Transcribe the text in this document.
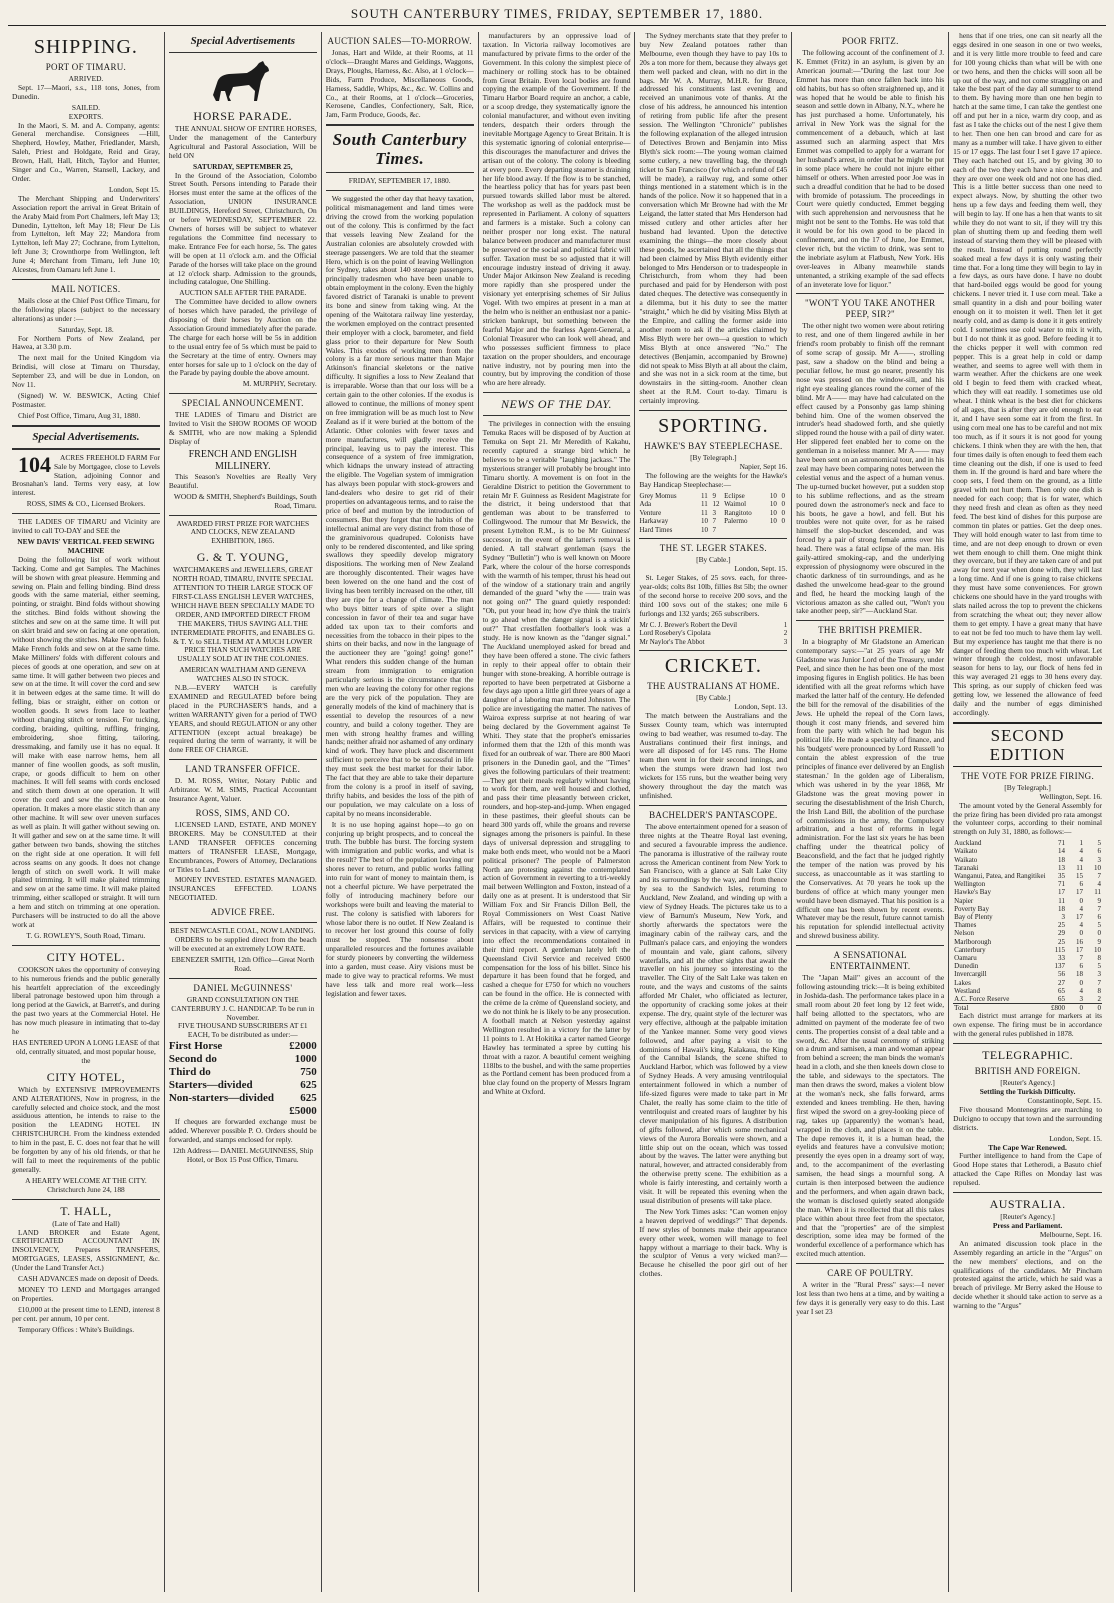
SOUTH CANTERBURY TIMES, FRIDAY, SEPTEMBER 17, 1880.
SHIPPING.
PORT OF TIMARU.
ARRIVED.

Sept. 17—Maori, s.s., 118 tons, Jones, from Dunedin.

SAILED.
EXPORTS.

In the Maori, S. M. and A. Company, agents: General merchandise. Consignees —Hill, Shepherd, Howley, Mather, Friedlander, Marsh, Saleh, Priest and Holdgate, Reid and Gray, Brown, Hall, Hall, Hitch, Taylor and Hunter, Singer and Co., Warren, Stansell, Lackey, and Order.

London, Sept 15.

The Merchant Shipping and Underwriters' Association report the arrival in Great Britain of the Araby Maid from Port Chalmers, left May 13; Dunedin, Lyttelton, left May 18; Fleur De Lis from Lyttelton, left May 22; Mandora from Lyttelton, left May 27; Cochrane, from Lyttelton, left June 3; Crownthorpe from Wellington, left June 4; Merchant from Timaru, left June 10; Alcestes, from Oamaru left June 1.

MAIL NOTICES.

Mails close at the Chief Post Office Timaru, for the following places (subject to the necessary alterations) as under :—

Saturday, Sept. 18.

For Northern Ports of New Zealand, per Hawea, at 3.30 p.m.

The next mail for the United Kingdom via Brindisi, will close at Timaru on Thursday, September 23, and will be due in London, on Nov 11.

(Signed) W. W. BESWICK, Acting Chief Postmaster.

Chief Post Office, Timaru, Aug 31, 1880.

Special Advertisements.

104 ACRES FREEHOLD FARM For Sale by Mortgagee, close to Levels Station, adjoining Connor and Brosnahan's land. Terms very easy, at low interest.

ROSS, SIMS & CO., Licensed Brokers.

THE LADIES OF TIMARU and Vicinity are invited to call TO-DAY and SEE the

NEW DAVIS' VERTICAL FEED SEWING MACHINE

Doing the following list of work without Tacking. Come and get Samples. The Machines will be shown with great pleasure. Hemming and sewing on. Plain and felling binding. Bind dress goods with the same material, either seeming, pointing, or straight. Bind folds without showing the stitches. Bind folds without showing the stitches and sew on at the same time. It will put on skirt braid and sew on facing at one operation, without showing the stitches. Make French folds. Make French folds and sew on at the same time. Make Milliners' folds with different colours and pieces of goods at one operation, and sew on at same time. It will gather between two pieces and sew on at the time. It will cover the cord and sew it in between edges at the same time. It will do felling, bias or straight, either on cotton or woollen goods. It sews from lace to leather without changing stitch or tension. For tucking, cording, braiding, quilting, ruffling, fringing, embroidering, shoe fitting, tailoring, dressmaking, and family use it has no equal. It will make with ease narrow hems, hem all manner of fine woollen goods, as soft muslin, crape, or goods difficult to hem on other machines. It will fell seams with cords enclosed and stitch them down at one operation. It will cover the cord and sew the sleeve in at one operation. It makes a more elastic stitch than any other machine. It will sew over uneven surfaces as well as plain. It will gather without sewing on. It will gather and sew on at the same time. It will gather between two bands, showing the stitches on the right side at one operation. It will fell across seams on any goods. It does not change length of stitch on swell work. It will make plaited trimming. It will make plaited trimming and sew on at the same time. It will make plaited trimming, either scalloped or straight. It will turn a hem and stitch on trimming at one operation. Purchasers will be instructed to do all the above work at

T. G. ROWLEY'S, South Road, Timaru.
CITY HOTEL.

COOKSON takes the opportunity of conveying to his numerous friends and the public generally his heartfelt appreciation of the exceedingly liberal patronage bestowed upon him through a long period at the Gawick, at Barrett's, and during the past two years at the Commercial Hotel. He has now much pleasure in intimating that to-day he

HAS ENTERED UPON A LONG LEASE of that old, centrally situated, and most popular house, the
CITY HOTEL,

Which by EXTENSIVE IMPROVEMENTS AND ALTERATIONS, Now in progress, in the carefully selected and choice stock, and the most assiduous attention, he intends to raise to the position the LEADING HOTEL IN CHRISTCHURCH. From the kindness extended to him in the past, E. C. does not fear that he will be forgotten by any of his old friends, or that he will fail to meet the requirements of the public generally.

A HEARTY WELCOME AT THE CITY.
Christchurch June 24, 188
T. HALL,
(Late of Tate and Hall)

LAND BROKER and Estate Agent, CERTIFICATED ACCOUNTANT IN INSOLVENCY, Prepares TRANSFERS, MORTGAGES, LEASES, ASSIGNMENT, &c. (Under the Land Transfer Act.)

CASH ADVANCES made on deposit of Deeds.

MONEY TO LEND and Mortgages arranged on Properties.

£10,000 at the present time to LEND, interest 8 per cent. per annum, 10 per cent.

Temporary Offices : White's Buildings.

Special Advertisements
HORSE PARADE.

THE ANNUAL SHOW OF ENTIRE HORSES, Under the management of the Canterbury Agricultural and Pastoral Association, Will be held ON

SATURDAY, SEPTEMBER 25,

In the Ground of the Association, Colombo Street South. Persons intending to Parade their Horses must enter the same at the offices of the Association, UNION INSURANCE BUILDINGS, Hereford Street, Christchurch, On or before WEDNESDAY, SEPTEMBER 22. Owners of horses will be subject to whatever regulations the Committee find necessary to make. Entrance Fee for each horse, 5s. The gates will be open at 11 o'clock a.m. and the Official Parade of the horses will take place on the ground at 12 o'clock sharp. Admission to the grounds, including catalogue, One Shilling.

AUCTION SALE AFTER THE PARADE.

The Committee have decided to allow owners of horses which have paraded, the privilege of disposing of their horses by Auction on the Association Ground immediately after the parade. The charge for each horse will be 5s in addition to the usual entry fee of 5s which must be paid to the Secretary at the time of entry. Owners may enter horses for sale up to 1 o'clock on the day of the Parade by paying double the above amount.

M. MURPHY, Secretary.
SPECIAL ANNOUNCEMENT.

THE LADIES of Timaru and District are Invited to Visit the SHOW ROOMS OF WOOD & SMITH, who are now making a Splendid Display of

FRENCH AND ENGLISH MILLINERY.

This Season's Novelties are Really Very Beautiful.

WOOD & SMITH, Shepherd's Buildings, South Road, Timaru.
AWARDED FIRST PRIZE FOR WATCHES AND CLOCKS, NEW ZEALAND EXHIBITION, 1865.
G. & T. YOUNG,

WATCHMAKERS and JEWELLERS, GREAT NORTH ROAD, TIMARU, INVITE SPECIAL ATTENTION TO THEIR LARGE STOCK OF FIRST-CLASS ENGLISH LEVER WATCHES, WHICH HAVE BEEN SPECIALLY MADE TO ORDER, AND IMPORTED DIRECT FROM THE MAKERS, THUS SAVING ALL THE INTERMEDIATE PROFITS, and ENABLES G. & T. Y. to SELL THEM AT A MUCH LOWER PRICE THAN SUCH WATCHES ARE USUALLY SOLD AT IN THE COLONIES.

AMERICAN WALTHAM AND GENEVA WATCHES ALSO IN STOCK.

N.B.—EVERY WATCH is carefully EXAMINED and REGULATED before being placed in the PURCHASER'S hands, and a written WARRANTY given for a period of TWO YEARS, and should REGULATION or any other ATTENTION (except actual breakage) be required during the term of warranty, it will be done FREE OF CHARGE.

LAND TRANSFER OFFICE.

D. M. ROSS, Writer, Notary Public and Arbitrator. W. M. SIMS, Practical Accountant Insurance Agent, Valuer.

ROSS, SIMS, AND CO.

LICENSED LAND, ESTATE, AND MONEY BROKERS. May be CONSULTED at their LAND TRANSFER OFFICES concerning matters of TRANSFER LEASE, Mortgage, Encumbrances, Powers of Attorney, Declarations or Titles to Land.

MONEY INVESTED. ESTATES MANAGED. INSURANCES EFFECTED. LOANS NEGOTIATED.

ADVICE FREE.
BEST NEWCASTLE COAL, NOW LANDING.

ORDERS to be supplied direct from the beach will be executed at an extremely LOW RATE.

EBENEZER SMITH, 12th Office—Great North Road.
DANIEL McGUINNESS'
GRAND CONSULTATION ON THE CANTERBURY J. C. HANDICAP. To be run in November.
FIVE THOUSAND SUBSCRIBERS AT £1 EACH, To be distributed as under:—
First Horse	£2000
Second do	1000
Third do	750
Starters—divided	625
Non-starters—divided 625
£5000

If cheques are forwarded exchange must be added. Wherever possible P. O. Orders should be forwarded, and stamps enclosed for reply.

12th Address— DANIEL McGUINNESS, Ship Hotel, or Box 15 Post Office, Timaru.
AUCTION SALES—TO-MORROW.

Jonas, Hart and Wilde, at their Rooms, at 11 o'clock—Draught Mares and Geldings, Waggons, Drays, Ploughs, Harness, &c. Also, at 1 o'clock—Bids, Farm Produce, Miscellaneous Goods, Harness, Saddle, Whips, &c., &c. W. Collins and Co., at their Rooms, at 1 o'clock—Groceries, Kerosene, Candles, Confectionery, Salt, Rice, Jam, Farm Produce, Goods, &c.

South Canterbury Times.
FRIDAY, SEPTEMBER 17, 1880.

We suggested the other day that heavy taxation, political mismanagement and land times were driving the crowd from the working population out of the colony. This is confirmed by the fact that vessels leaving New Zealand for the Australian colonies are absolutely crowded with steerage passengers. We are told that the steamer Hero, which is on the point of leaving Wellington for Sydney, takes about 140 steerage passengers, principally tradesmen who have been unable to obtain employment in the colony. Even the highly favored district of Taranaki is unable to prevent its bone and sinew from taking wing. At the opening of the Waitotara railway line yesterday, the workmen employed on the contract presented their employer with a clock, barometer, and field glass prior to their departure for New South Wales. This exodus of working men from the colony is a far more serious matter than Major Atkinson's financial skeletons or the native difficulty. It signifies a loss to New Zealand that is irreparable. Worse than that our loss will be a certain gain to the other colonies. If the exodus is allowed to continue, the millions of money spent on free immigration will be as much lost to New Zealand as if it were buried at the bottom of the Atlantic. Other colonies with fewer taxes and more manufactures, will gladly receive the principal, leaving us to pay the interest. This consequence of a system of free immigration, which kidnaps the unwary instead of attracting the eligible. The Vogelian system of immigration has always been popular with stock-growers and land-dealers who desire to get rid of their properties on advantageous terms, and to raise the price of beef and mutton by the introduction of consumers. But they forget that the habits of the intellectual animal are very distinct from those of the graminivorous quadruped. Colonists have only to be rendered discontented, and like spring swallows they speedily develop migratory dispositions. The working men of New Zealand are thoroughly discontented. Their wages have been lowered on the one hand and the cost of living has been terribly increased on the other, till they are ripe for a change of climate. The man who buys bitter tears of spite over a slight concession in favor of their tea and sugar have added tax upon tax to their comforts and necessities from the tobacco in their pipes to the shirts on their backs, and now in the language of the auctioneer they are "going! going! gone!" What renders this sudden change of the human stream from immigration to emigration particularly serious is the circumstance that the men who are leaving the colony for other regions are the very pick of the population. They are generally models of the kind of machinery that is essential to develop the resources of a new country, and build a colony together. They are men with strong healthy frames and willing hands; neither afraid nor ashamed of any ordinary kind of work. They have pluck and discernment sufficient to perceive that to be successful in life they must seek the best market for their labor. The fact that they are able to take their departure from the colony is a proof in itself of saving, thrifty habits, and besides the loss of the pith of our population, we may calculate on a loss of capital by no means inconsiderable.

It is no use hoping against hope—to go on conjuring up bright prospects, and to conceal the truth. The bubble has burst. The forcing system with immigration and public works, and what is the result? The best of the population leaving our shores never to return, and public works falling into ruin for want of money to maintain them, is not a cheerful picture. We have perpetrated the folly of introducing machinery before our workshops were built and leaving the material to rust. The colony is satisfied with laborers for whose labor there is no outlet. If New Zealand is to recover her lost ground this course of folly must be stopped. The nonsense about unparalleled resources and the fortunes available for sturdy pioneers by converting the wilderness into a garden, must cease. Airy visions must be made to give way to practical reforms. We must have less talk and more real work—less legislation and fewer taxes.

manufacturers by an oppressive load of taxation. In Victoria railway locomotives are manufactured by private firms to the order of the Government. In this colony the simplest piece of machinery or rolling stock has to be obtained from Great Britain. Even local bodies are found copying the example of the Government. If the Timaru Harbor Board require an anchor, a cable, or a scoop dredge, they systematically ignore the colonial manufacturer, and without even inviting tenders, despatch their orders through the inevitable Mortgage Agency to Great Britain. It is this systematic ignoring of colonial enterprise—this discourages the manufacturer and drives the artisan out of the colony. The colony is bleeding at every pore. Every departing steamer is draining her life blood away. If the flow is to be stanched, the heartless policy that has for years past been pursued towards skilled labor must be altered. The workshop as well as the paddock must be represented in Parliament. A colony of squatters and farmers is a mistake. Such a colony can neither prosper nor long exist. The natural balance between producer and manufacturer must be preserved or the social and political fabric will suffer. Taxation must be so adjusted that it will encourage industry instead of driving it away. Under Major Atkinson New Zealand is receding more rapidly than she prospered under the visionary yet enterprising schemes of Sir Julius Vogel. With two empires at present in a man at the helm who is neither an enthusiast nor a panic-stricken bankrupt, but something between the fearful Major and the fearless Agent-General, a Colonial Treasurer who can look well ahead, and who possesses sufficient firmness to place taxation on the proper shoulders, and encourage native industry, not by pouring men into the country, but by improving the condition of those who are here already.

NEWS OF THE DAY.

The privileges in connection with the ensuing Temuka Races will be disposed of by Auction at Temuka on Sept 21. Mr Meredith of Kakahu, recently captured a strange bird which he believes to be a veritable "laughing jackass." The mysterious stranger will probably be brought into Timaru shortly. A movement is on foot in the Geraldine District to petition the Government to retain Mr F. Guinness as Resident Magistrate for the district, it being understood that that gentleman was about to be transferred to Collingwood. The rumour that Mr Beswick, the present Lyttelton R.M., is to be Mr Guinness' successor, in the event of the latter's removal is denied. A tall stalwart gentleman (says the Sydney "Bulletin") who is well known on Moore Park, where the colour of the horse corresponds with the warmth of his temper, thrust his head out of the window of a stationary train and angrily demanded of the guard "why the —— train was not going on?" The guard quietly responded: "Oh, put your head in; how d'ye think the train's to go ahead when the danger signal is a stickin' out?" That crestfallen footballer's look was a study. He is now known as the "danger signal." The Auckland unemployed asked for bread and they have been offered a stone. The civic fathers in reply to their appeal offer to obtain their hunger with stone-breaking. A horrible outrage is reported to have been perpetrated at Gisborne a few days ago upon a little girl three years of age a daughter of a laboring man named Johnston. The police are investigating the matter. The natives of Wairoa express surprise at not hearing of war being declared by the Government against Te Whiti. They state that the prophet's emissaries informed them that the 12th of this month was fixed for an outbreak of war. There are 800 Maori prisoners in the Dunedin gaol, and the "Times" gives the following particulars of their treatment:—They get their meals regularly without having to work for them, are well housed and clothed, and pass their time pleasantly between cricket, rounders, and hop-step-and-jump. When engaged in these pastimes, their gleeful shouts can be heard 300 yards off, while the groans and reverse signages among the prisoners is painful. In these days of universal depression and struggling to make both ends meet, who would not be a Maori political prisoner? The people of Palmerston North are protesting against the contemplated action of Government in reverting to a tri-weekly mail between Wellington and Foxton, instead of a daily one as at present. It is understood that Sir William Fox and Sir Francis Dillon Bell, the Royal Commissioners on West Coast Native Affairs, will be requested to continue their services in that capacity, with a view of carrying into effect the recommendations contained in their third report. A gentleman lately left the Queensland Civil Service and received £600 compensation for the loss of his billet. Since his departure it has been found that he forged, and cashed a cheque for £750 for which no vouchers can be found in the office. He is connected with the crème de la crème of Queensland society, and we do not think he is likely to be any prosecution. A football match at Nelson yesterday against Wellington resulted in a victory for the latter by 11 points to 1. At Hokitika a carter named George Hawley has terminated a spree by cutting his throat with a razor. A beautiful cement weighing 118lbs to the bushel, and with the same properties as the Portland cement has been produced from a blue clay found on the property of Messrs Ingram and White at Oxford.

The Sydney merchants state that they prefer to buy New Zealand potatoes rather than Melbourne, even though they have to pay 10s to 20s a ton more for them, because they always get them well packed and clean, with no dirt in the bags. Mr W. A. Murray, M.H.R. for Bruce, addressed his constituents last evening and received an unanimous vote of thanks. At the close of his address, he announced his intention of retiring from public life after the present session. The Wellington "Chronicle" publishes the following explanation of the alleged intrusion of Detectives Brown and Benjamin into Miss Blyth's sick room:—The young woman claimed some cutlery, a new travelling bag, the through ticket to San Francisco (for which a refund of £45 will be made), a railway rug, and some other things mentioned in a statement which is in the hands of the police. Now it so happened that in a conversation which Mr Browne had with the Mr Leigand, the latter stated that Mrs Henderson had missed cutlery and other articles after her husband had levanted. Upon the detective examining the things—the more closely about these goods, he ascertained that all the things that had been claimed by Miss Blyth evidently either belonged to Mrs Henderson or to tradespeople in Christchurch, from whom they had been purchased and paid for by Henderson with post dated cheques. The detective was consequently in a dilemma, but it his duty to see the matter "straight," which he did by visiting Miss Blyth at the Empire, and calling the former aside into another room to ask if the articles claimed by Miss Blyth were her own—a question to which Miss Blyth at once answered "No." The detectives (Benjamin, accompanied by Browne) did not speak to Miss Blyth at all about the claim, and she was not in a sick room at the time, but downstairs in the sitting-room. Another clean sheet at the R.M. Court to-day. Timaru is certainly improving.

SPORTING.
HAWKE'S BAY STEEPLECHASE.
[By Telegraph.]
Napier, Sept 16.

The following are the weights for the Hawke's Bay Handicap Steeplechase:—

Grey Momus	11	9	Eclipse	10	0
Ada	11	12	Waimol	10	0
Venture	11	3	Rangitoto	10	0
Harkaway	10	7	Palermo	10	0
Hard Times	10	7			
THE ST. LEGER STAKES.
[By Cable.]
London, Sept. 15.

St. Leger Stakes, of 25 sovs. each, for three-year-olds; colts 8st 10lb, fillies 8st 5lb; the owner of the second horse to receive 200 sovs, and the third 100 sovs out of the stakes; one mile 6 furlongs and 132 yards; 265 subscribers.

Mr C. J. Brewer's Robert the Devil	1
Lord Rosebery's Cipolata	2
Mr Naylor's The Abbot	3
CRICKET.
THE AUSTRALIANS AT HOME.
[By Cable.]
London, Sept. 13.

The match between the Australians and the Sussex County team, which was interrupted owing to bad weather, was resumed to-day. The Australians continued their first innings, and were all disposed of for 145 runs. The Home team then went in for their second innings, and when the stumps were drawn had lost two wickets for 155 runs, but the weather being very showery throughout the day the match was unfinished.

BACHELDER'S PANTASCOPE.

The above entertainment opened for a season of three nights at the Theatre Royal last evening, and secured a favourable impress the audience. The panorama is illustrative of the railway route across the American continent from New York to San Francisco, with a glance at Salt Lake City and its surroundings by the way, and from thence by sea to the Sandwich Isles, returning to Auckland, New Zealand, and winding up with a view of Sydney Heads. The pictures take us to a view of Barnum's Museum, New York, and shortly afterwards the spectators were the imaginary cabin of the railway cars, and the Pullman's palace cars, and enjoying the wonders of mountain and vale, giant cañons, silvery waterfalls, and all the other sights that await the traveller on his journey so interesting to the traveller. The City of the Salt Lake was taken en route, and the ways and customs of the saints afforded Mr Chalet, who officiated as lecturer, the opportunity of cracking some jokes at their expense. The dry, quaint style of the lecturer was very effective, although at the palpable imitation of the Yankee manner. Some very good views followed, and after paying a visit to the dominions of Hawaii's king, Kalakaua, the King of the Cannibal Islands, the scene shifted to Auckland Harbor, which was followed by a view of Sydney Heads. A very amusing ventriloquial entertainment followed in which a number of life-sized figures were made to take part in Mr Chalet, the really has some claim to the title of ventriloquist and created roars of laughter by his clever manipulation of his figures. A distribution of gifts followed, after which some mechanical views of the Aurora Borealis were shown, and a little ship out on the ocean, which was tossed about by the waves. The latter were anything but natural, however, and attracted considerably from the otherwise pretty scene. The exhibition as a whole is fairly interesting, and certainly worth a visit. It will be repeated this evening when the usual distribution of presents will take place.

The New York Times asks: "Can women enjoy a heaven deprived of weddings?" That depends. If new styles of bonnets make their appearance every other week, women will manage to feel happy without a marriage to their back. Why is the sculptor of Venus a very wicked man?—Because he chiselled the poor girl out of her clothes.

POOR FRITZ.

The following account of the confinement of J. K. Emmet (Fritz) in an asylum, is given by an American journal:—"During the last tour Joe Emmet has more than once fallen back into his old habits, but has so often straightened up, and it was hoped that he would be able to finish his season and settle down in Albany, N.Y., where he has just purchased a home. Unfortunately, his arrival in New York was the signal for the commencement of a debauch, which at last assumed such an alarming aspect that Mrs Emmet was compelled to apply for a warrant for her husband's arrest, in order that he might be put in some place where he could not injure either himself or others. When arrested poor Joe was in such a dreadful condition that he had to be dosed with bromide of potassium. The proceedings in Court were quietly conducted, Emmet begging with such apprehension and nervousness that he might not be sent to the Tombs. He was told that it would be for his own good to be placed in confinement, and on the 17 of June, Joe Emmet, clever rich, but the victim to drink, was sent to the inebriate asylum at Flatbush, New York. His over-leaves in Albany meanwhile stands untenanted, a striking example of the sad effects of an inveterate love for liquor."

"WON'T YOU TAKE ANOTHER PEEP, SIR?"

The other night two women were about retiring to rest, and one of them lingered awhile in her friend's room probably to finish off the remnant of some scrap of gossip. Mr A——, strolling past, saw a shadow on the blind and being a peculiar fellow, he must go nearer, presently his nose was pressed on the window-sill, and his right eye stealing glances round the corner of the blind. Mr A—— may have had calculated on the effect caused by a Ponsonby gas lamp shining behind him. One of the women observed the intruder's head shadowed forth, and she quietly slipped round the house with a pail of dirty water. Her slippered feet enabled her to come on the gentleman in a noiseless manner. Mr A—— may have been sent on an astronomical tour, and in his zeal may have been comparing notes between the celestial venus and the aspect of a human venus. The up-turned bucket however, put a sudden stop to his sublime reflections, and as the stream poured down the astronomer's neck and face to his boots, he gave a howl, and fell. But his troubles were not quite over, for as he raised himself the slop-bucket descended, and was forced by a pair of strong female arms over his head. There was a fatal eclipse of the man. His gaily-attired smoking-cap, and the underlying expression of physiognomy were obscured in the chaotic darkness of tin surroundings, and as he dashed the unwelcome head-gear to the ground and fled, he heard the mocking laugh of the victorious amazon as she called out, "Won't you take another peep, sir?"—Auckland Star.

THE BRITISH PREMIER.

In a biography of Mr Gladstone an American contemporary says:—"at 25 years of age Mr Gladstone was Junior Lord of the Treasury, under Peel, and since then he has been one of the most imposing figures in English politics. He has been identified with all the great reforms which have marked the latter half of the century. He defended the bill for the removal of the disabilities of the Jews. He upheld the repeal of the Corn laws, though it cost many friends, and severed him from the party with which he had begun his political life. He made a specialty of finance, and his 'budgets' were pronounced by Lord Russell 'to contain the ablest expression of the true principles of finance ever delivered by an English statesman.' In the golden age of Liberalism, which was ushered in by the year 1868, Mr Gladstone was the great moving power in securing the disestablishment of the Irish Church, the Irish Land Bill, the abolition of the purchase of commissions in the army, the Compulsory arbitration, and a host of reforms in legal administration. For the last six years he has been chaffing under the theatrical policy of Beaconsfield, and the fact that he judged rightly the temper of the nation was proved by his success, as unaccountable as it was startling to the Conservatives. At 70 years he took up the burdens of office at which many younger men would have been dismayed. That his position is a difficult one has been shown by recent events. Whatever may be the result, future cannot tarnish his reputation for splendid intellectual activity and shrewd business ability.

A SENSATIONAL ENTERTAINMENT.

The "Japan Mail" gives an account of the following astounding trick:—It is being exhibited in Joshida-dash. The performance takes place in a small room about 20 feet long by 12 feet wide, half being allotted to the spectators, who are admitted on payment of the moderate fee of two cents. The properties consist of a deal table and a sword, &c. After the usual ceremony of striking on a drum and samisen, a man and woman appear from behind a screen; the man binds the woman's head in a cloth, and she then kneels down close to the table, and sideways to the spectators. The man then draws the sword, makes a violent blow at the woman's neck, she falls forward, arms extended and knees trembling. He then, having first wiped the sword on a grey-looking piece of rag, takes up (apparently) the woman's head, wrapped in the cloth, and places it on the table. The dupe removes it, it is a human head, the eyelids and features have a convulsive motion; presently the eyes open in a dreamy sort of way, and, to the accompaniment of the everlasting samisen, the head sings a mournful song. A curtain is then interposed between the audience and the performers, and when again drawn back, the woman is disclosed quietly seated alongside the man. When it is recollected that all this takes place within about three feet from the spectator, and that the "properties" are of the simplest description, some idea may be formed of the wonderful excellence of a performance which has excited much attention.

CARE OF POULTRY.

A writer in the "Rural Press" says:—I never lost less than two hens at a time, and by waiting a few days it is generally very easy to do this. Last year I set 23

hens that if one tries, one can sit nearly all the eggs desired in one season in one or two weeks, and it is very little more trouble to feed and care for 100 young chicks than what will be with one or two hens, and then the chicks will soon all be up out of the way, and not come straggling on and take the best part of the day all summer to attend to them. By having more than one hen begin to hatch at the same time, I can take the gentlest one off and put her in a nice, warm dry coop, and as fast as I take the chicks out of the nest I give them to her. Then one hen can brood and care for as many as a number will take. I have given to either 15 or 17 eggs. The last four I set I gave 17 apiece. They each hatched out 15, and by giving 30 to each of the two they each have a nice brood, and they are over one week old and not one has died. This is a little better success than one need to expect always. Now, by shutting the other two hens up a few days and feeding them well, they will begin to lay. If one has a hen that wants to sit while they do not want to sit, if they will try this plan of shutting them up and feeding them well instead of starving them they will be pleased with the result. Instead of putting round perfectly soaked meal a few days it is only wasting their time that. For a long time they will begin to lay in a few days, as ours have done. I have no doubt that hard-boiled eggs would be good for young chickens. I never tried it. I use corn meal. Take a small quantity in a dish and pour boiling water enough on it to moisten it well. Then let it get nearly cold, and as damp is done it it gets entirely cold. I sometimes use cold water to mix it with, but I do not think it as good. Before feeding it to the chicks pepper it well with common red pepper. This is a great help in cold or damp weather, and seems to agree well with them in warm weather. After the chickens are one week old I begin to feed them with cracked wheat, which they will eat readily. I sometimes use old wheat. I think wheat is the best diet for chickens of all ages, that is after they are old enough to eat it, and I have seen some eat it from the first. In using corn meal one has to be careful and not mix too much, as if it sours it is not good for young chickens. I think when they are with the hen, that four times daily is often enough to feed them each time cleaning out the dish, if one is used to feed them in. If the ground is hard and bare where the coop sets, I feed them on the ground, as a little gravel with not hurt them. Then only one dish is needed for each coop; that is for water, which they need fresh and clean as often as they need feed. The best kind of dishes for this purpose are common tin plates or patties. Get the deep ones. They will hold enough water to last from time to time, and are not deep enough to drown or even wet them enough to chill them. One might think they overcare, but if they are taken care of and put away for next year when done with, they will last a long time. And if one is going to raise chickens they must have some conveniences. For grown chickens one should have in the yard troughs with slats nailed across the top to prevent the chickens from scratching the wheat out; they never allow them to get empty. I have a great many that have to eat not be fed too much to have them lay well. But my experience has taught me that there is no danger of feeding them too much with wheat. Let winter through the coldest, most unfavorable season for hens to lay, our flock of hens fed in this way averaged 21 eggs to 30 hens every day. This spring, as our supply of chicken feed was getting low, we lessened the allowance of feed daily and the number of eggs diminished accordingly.

SECOND EDITION
THE VOTE FOR PRIZE FIRING.
[By Telegraph.]
Wellington, Sept. 16.

The amount voted by the General Assembly for the prize firing has been divided pro rata amongst the volunteer corps, according to their nominal strength on July 31, 1880, as follows:—

Auckland	71	1	5
Waikato	14	4	6
Waikato	18	4	3
Taranaki	13	11	10
Wanganui, Patea, and Rangitikei	35	15	7
Wellington	71	6	4
Hawke's Bay	17	17	11
Napier	11	0	9
Poverty Bay	18	4	7
Bay of Plenty	3	17	6
Thames	25	4	5
Nelson	29	0	0
Marlborough	25	16	9
Canterbury	115	17	10
Oamaru	33	7	8
Dunedin	137	6	5
Invercargill	56	18	3
Lakes	27	0	7
Westland	65	4	8
A.C. Force Reserve	65	3	2
Total	£800	0	0

Each district must arrange for markers at its own expense. The firing must be in accordance with the general rules published in 1878.

TELEGRAPHIC.
BRITISH AND FOREIGN.
[Reuter's Agency.]
Settling the Turkish Difficulty.
Constantinople, Sept. 15.

Five thousand Montenegrins are marching to Dulcigno to occupy that town and the surrounding districts.

London, Sept. 15.
The Cape War Renewed.

Further intelligence to hand from the Cape of Good Hope states that Letherodi, a Basuto chief attacked the Cape Rifles on Monday last was repulsed.

AUSTRALIA.
[Reuter's Agency.]
Press and Parliament.
Melbourne, Sept. 16.

An animated discussion took place in the Assembly regarding an article in the "Argus" on the new members' elections, and on the qualifications of the candidates. Mr Pincham protested against the article, which he said was a breach of privilege. Mr Berry asked the House to decide whether it should take action to serve as a warning to the "Argus"
